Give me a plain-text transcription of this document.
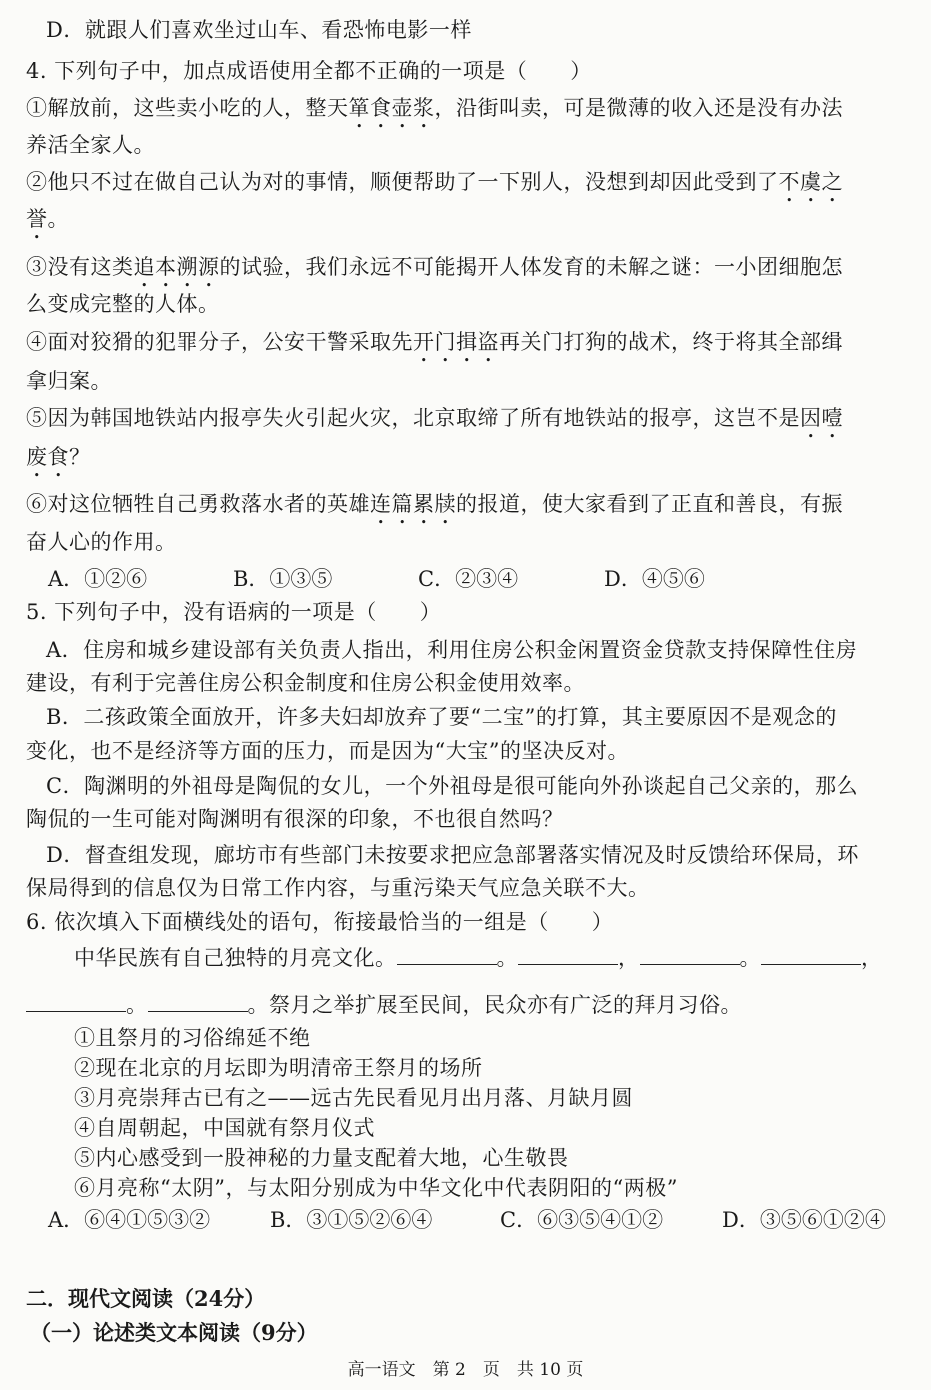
D．就跟人们喜欢坐过山车、看恐怖电影一样
4. 下列句子中，加点成语使用全都不正确的一项是（　　）
①解放前，这些卖小吃的人，整天箪食壶浆，沿街叫卖，可是微薄的收入还是没有办法
养活全家人。
②他只不过在做自己认为对的事情，顺便帮助了一下别人，没想到却因此受到了不虞之
誉。
③没有这类追本溯源的试验，我们永远不可能揭开人体发育的未解之谜：一小团细胞怎
么变成完整的人体。
④面对狡猾的犯罪分子，公安干警采取先开门揖盗再关门打狗的战术，终于将其全部缉
拿归案。
⑤因为韩国地铁站内报亭失火引起火灾，北京取缔了所有地铁站的报亭，这岂不是因噎
废食？
⑥对这位牺牲自己勇救落水者的英雄连篇累牍的报道，使大家看到了正直和善良，有振
奋人心的作用。
A．①②⑥	B．①③⑤	C．②③④	D．④⑤⑥
5. 下列句子中，没有语病的一项是（　　）
A．住房和城乡建设部有关负责人指出，利用住房公积金闲置资金贷款支持保障性住房
建设，有利于完善住房公积金制度和住房公积金使用效率。
B．二孩政策全面放开，许多夫妇却放弃了要“二宝”的打算，其主要原因不是观念的
变化，也不是经济等方面的压力，而是因为“大宝”的坚决反对。
C．陶渊明的外祖母是陶侃的女儿，一个外祖母是很可能向外孙谈起自己父亲的，那么
陶侃的一生可能对陶渊明有很深的印象，不也很自然吗？
D．督查组发现，廊坊市有些部门未按要求把应急部署落实情况及时反馈给环保局，环
保局得到的信息仅为日常工作内容，与重污染天气应急关联不大。
6. 依次填入下面横线处的语句，衔接最恰当的一组是（　　）
中华民族有自己独特的月亮文化。	。	，	。	，
。	。祭月之举扩展至民间，民众亦有广泛的拜月习俗。
①且祭月的习俗绵延不绝
②现在北京的月坛即为明清帝王祭月的场所
③月亮崇拜古已有之——远古先民看见月出月落、月缺月圆
④自周朝起，中国就有祭月仪式
⑤内心感受到一股神秘的力量支配着大地，心生敬畏
⑥月亮称“太阴”，与太阳分别成为中华文化中代表阴阳的“两极”
A．⑥④①⑤③②	B．③①⑤②⑥④	C．⑥③⑤④①②	D．③⑤⑥①②④
二．现代文阅读（24分）
（一）论述类文本阅读（9分）
高一语文　第 2　页　共 10 页
